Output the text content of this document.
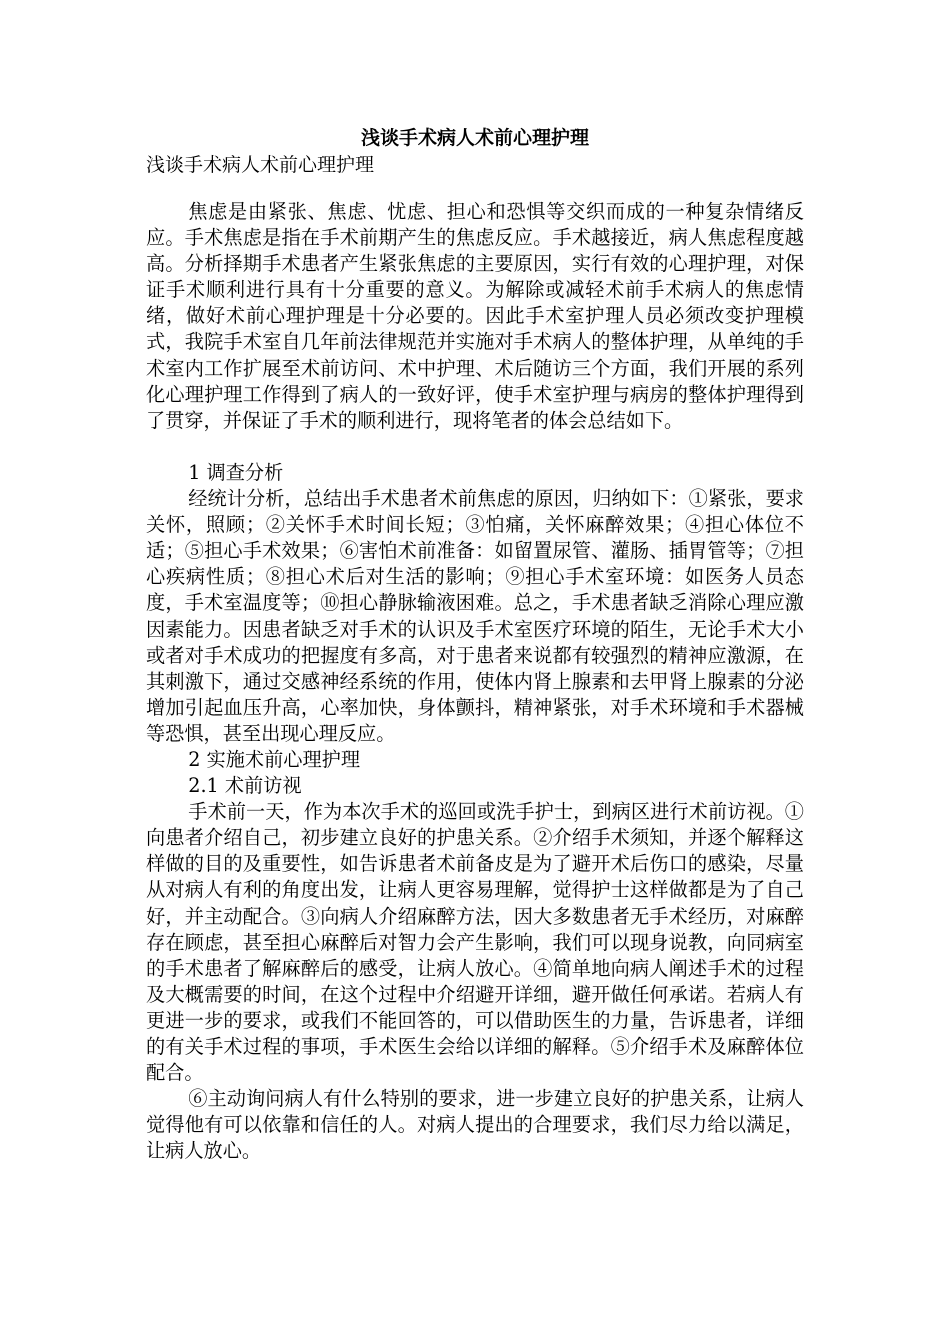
浅谈手术病人术前心理护理

浅谈手术病人术前心理护理

焦虑是由紧张、焦虑、忧虑、担心和恐惧等交织而成的一种复杂情绪反应。手术焦虑是指在手术前期产生的焦虑反应。手术越接近，病人焦虑程度越高。分析择期手术患者产生紧张焦虑的主要原因，实行有效的心理护理，对保证手术顺利进行具有十分重要的意义。为解除或减轻术前手术病人的焦虑情绪，做好术前心理护理是十分必要的。因此手术室护理人员必须改变护理模式，我院手术室自几年前法律规范并实施对手术病人的整体护理，从单纯的手术室内工作扩展至术前访问、术中护理、术后随访三个方面，我们开展的系列化心理护理工作得到了病人的一致好评，使手术室护理与病房的整体护理得到了贯穿，并保证了手术的顺利进行，现将笔者的体会总结如下。

1 调查分析

经统计分析，总结出手术患者术前焦虑的原因，归纳如下：①紧张，要求关怀，照顾；②关怀手术时间长短；③怕痛，关怀麻醉效果；④担心体位不适；⑤担心手术效果；⑥害怕术前准备：如留置尿管、灌肠、插胃管等；⑦担心疾病性质；⑧担心术后对生活的影响；⑨担心手术室环境：如医务人员态度，手术室温度等；⑩担心静脉输液困难。总之，手术患者缺乏消除心理应激因素能力。因患者缺乏对手术的认识及手术室医疗环境的陌生，无论手术大小或者对手术成功的把握度有多高，对于患者来说都有较强烈的精神应激源，在其刺激下，通过交感神经系统的作用，使体内肾上腺素和去甲肾上腺素的分泌增加引起血压升高，心率加快，身体颤抖，精神紧张，对手术环境和手术器械等恐惧，甚至出现心理反应。

2 实施术前心理护理

2.1 术前访视

手术前一天，作为本次手术的巡回或洗手护士，到病区进行术前访视。①向患者介绍自己，初步建立良好的护患关系。②介绍手术须知，并逐个解释这样做的目的及重要性，如告诉患者术前备皮是为了避开术后伤口的感染，尽量从对病人有利的角度出发，让病人更容易理解，觉得护士这样做都是为了自己好，并主动配合。③向病人介绍麻醉方法，因大多数患者无手术经历，对麻醉存在顾虑，甚至担心麻醉后对智力会产生影响，我们可以现身说教，向同病室的手术患者了解麻醉后的感受，让病人放心。④简单地向病人阐述手术的过程及大概需要的时间，在这个过程中介绍避开详细，避开做任何承诺。若病人有更进一步的要求，或我们不能回答的，可以借助医生的力量，告诉患者，详细的有关手术过程的事项，手术医生会给以详细的解释。⑤介绍手术及麻醉体位配合。

⑥主动询问病人有什么特别的要求，进一步建立良好的护患关系，让病人觉得他有可以依靠和信任的人。对病人提出的合理要求，我们尽力给以满足，让病人放心。
